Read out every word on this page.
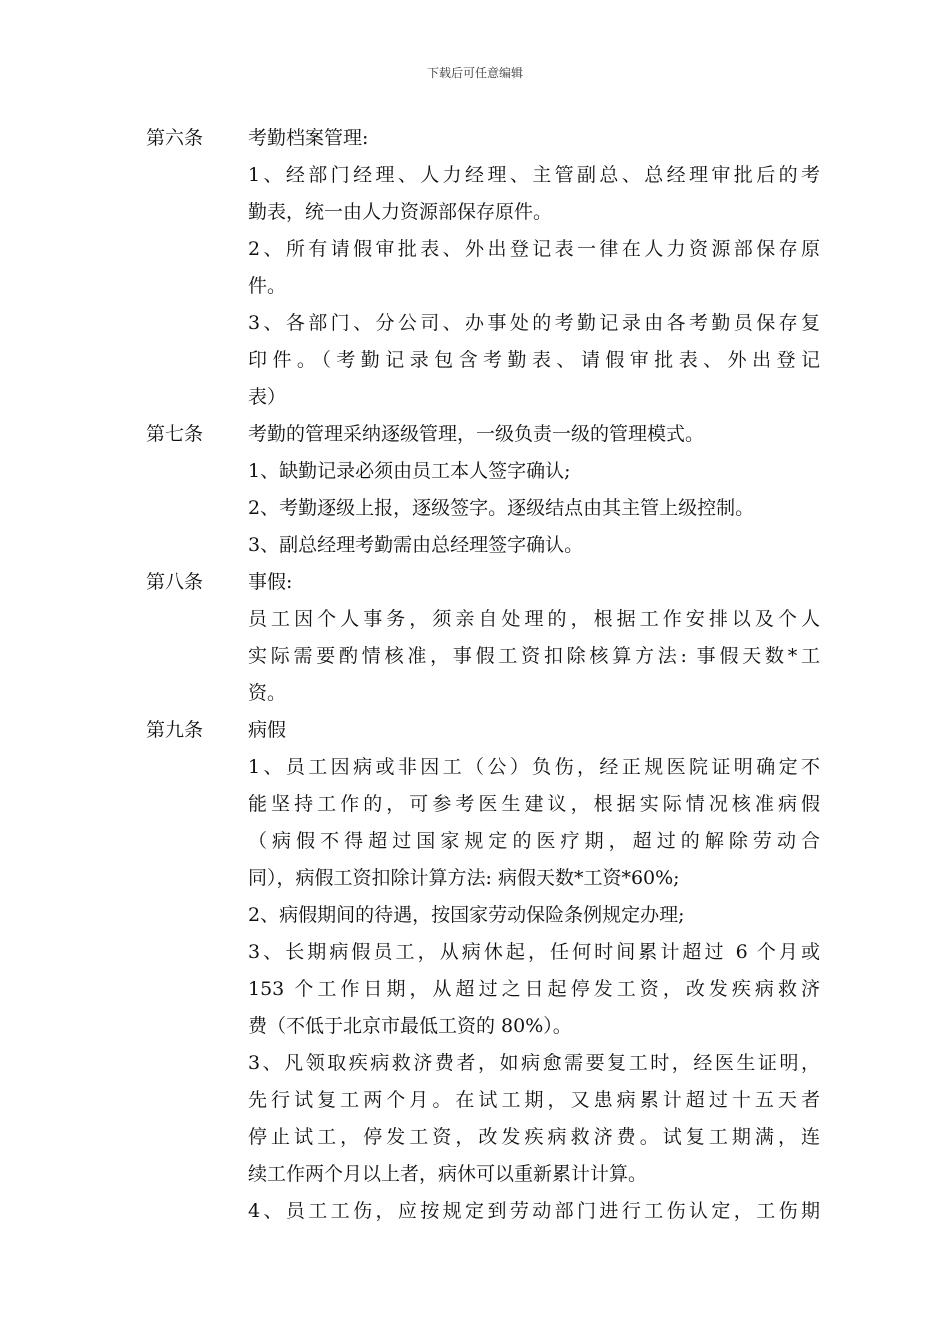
下载后可任意编辑
第六条 考勤档案管理:
1、经部门经理、人力经理、主管副总、总经理审批后的考
勤表，统一由人力资源部保存原件。
2、所有请假审批表、外出登记表一律在人力资源部保存原
件。
3、各部门、分公司、办事处的考勤记录由各考勤员保存复
印件。（考勤记录包含考勤表、请假审批表、外出登记
表）
第七条 考勤的管理采纳逐级管理，一级负责一级的管理模式。
1、缺勤记录必须由员工本人签字确认;
2、考勤逐级上报，逐级签字。逐级结点由其主管上级控制。
3、副总经理考勤需由总经理签字确认。
第八条 事假:
员工因个人事务，须亲自处理的，根据工作安排以及个人
实际需要酌情核准，事假工资扣除核算方法: 事假天数*工
资。
第九条 病假
1、员工因病或非因工（公）负伤，经正规医院证明确定不
能坚持工作的，可参考医生建议，根据实际情况核准病假
（病假不得超过国家规定的医疗期，超过的解除劳动合
同），病假工资扣除计算方法: 病假天数*工资*60%;
2、病假期间的待遇，按国家劳动保险条例规定办理;
3、长期病假员工，从病休起，任何时间累计超过 6 个月或
153 个工作日期，从超过之日起停发工资，改发疾病救济
费（不低于北京市最低工资的 80%）。
3、凡领取疾病救济费者，如病愈需要复工时，经医生证明，
先行试复工两个月。在试工期，又患病累计超过十五天者
停止试工，停发工资，改发疾病救济费。试复工期满，连
续工作两个月以上者，病休可以重新累计计算。
4、员工工伤，应按规定到劳动部门进行工伤认定，工伤期
